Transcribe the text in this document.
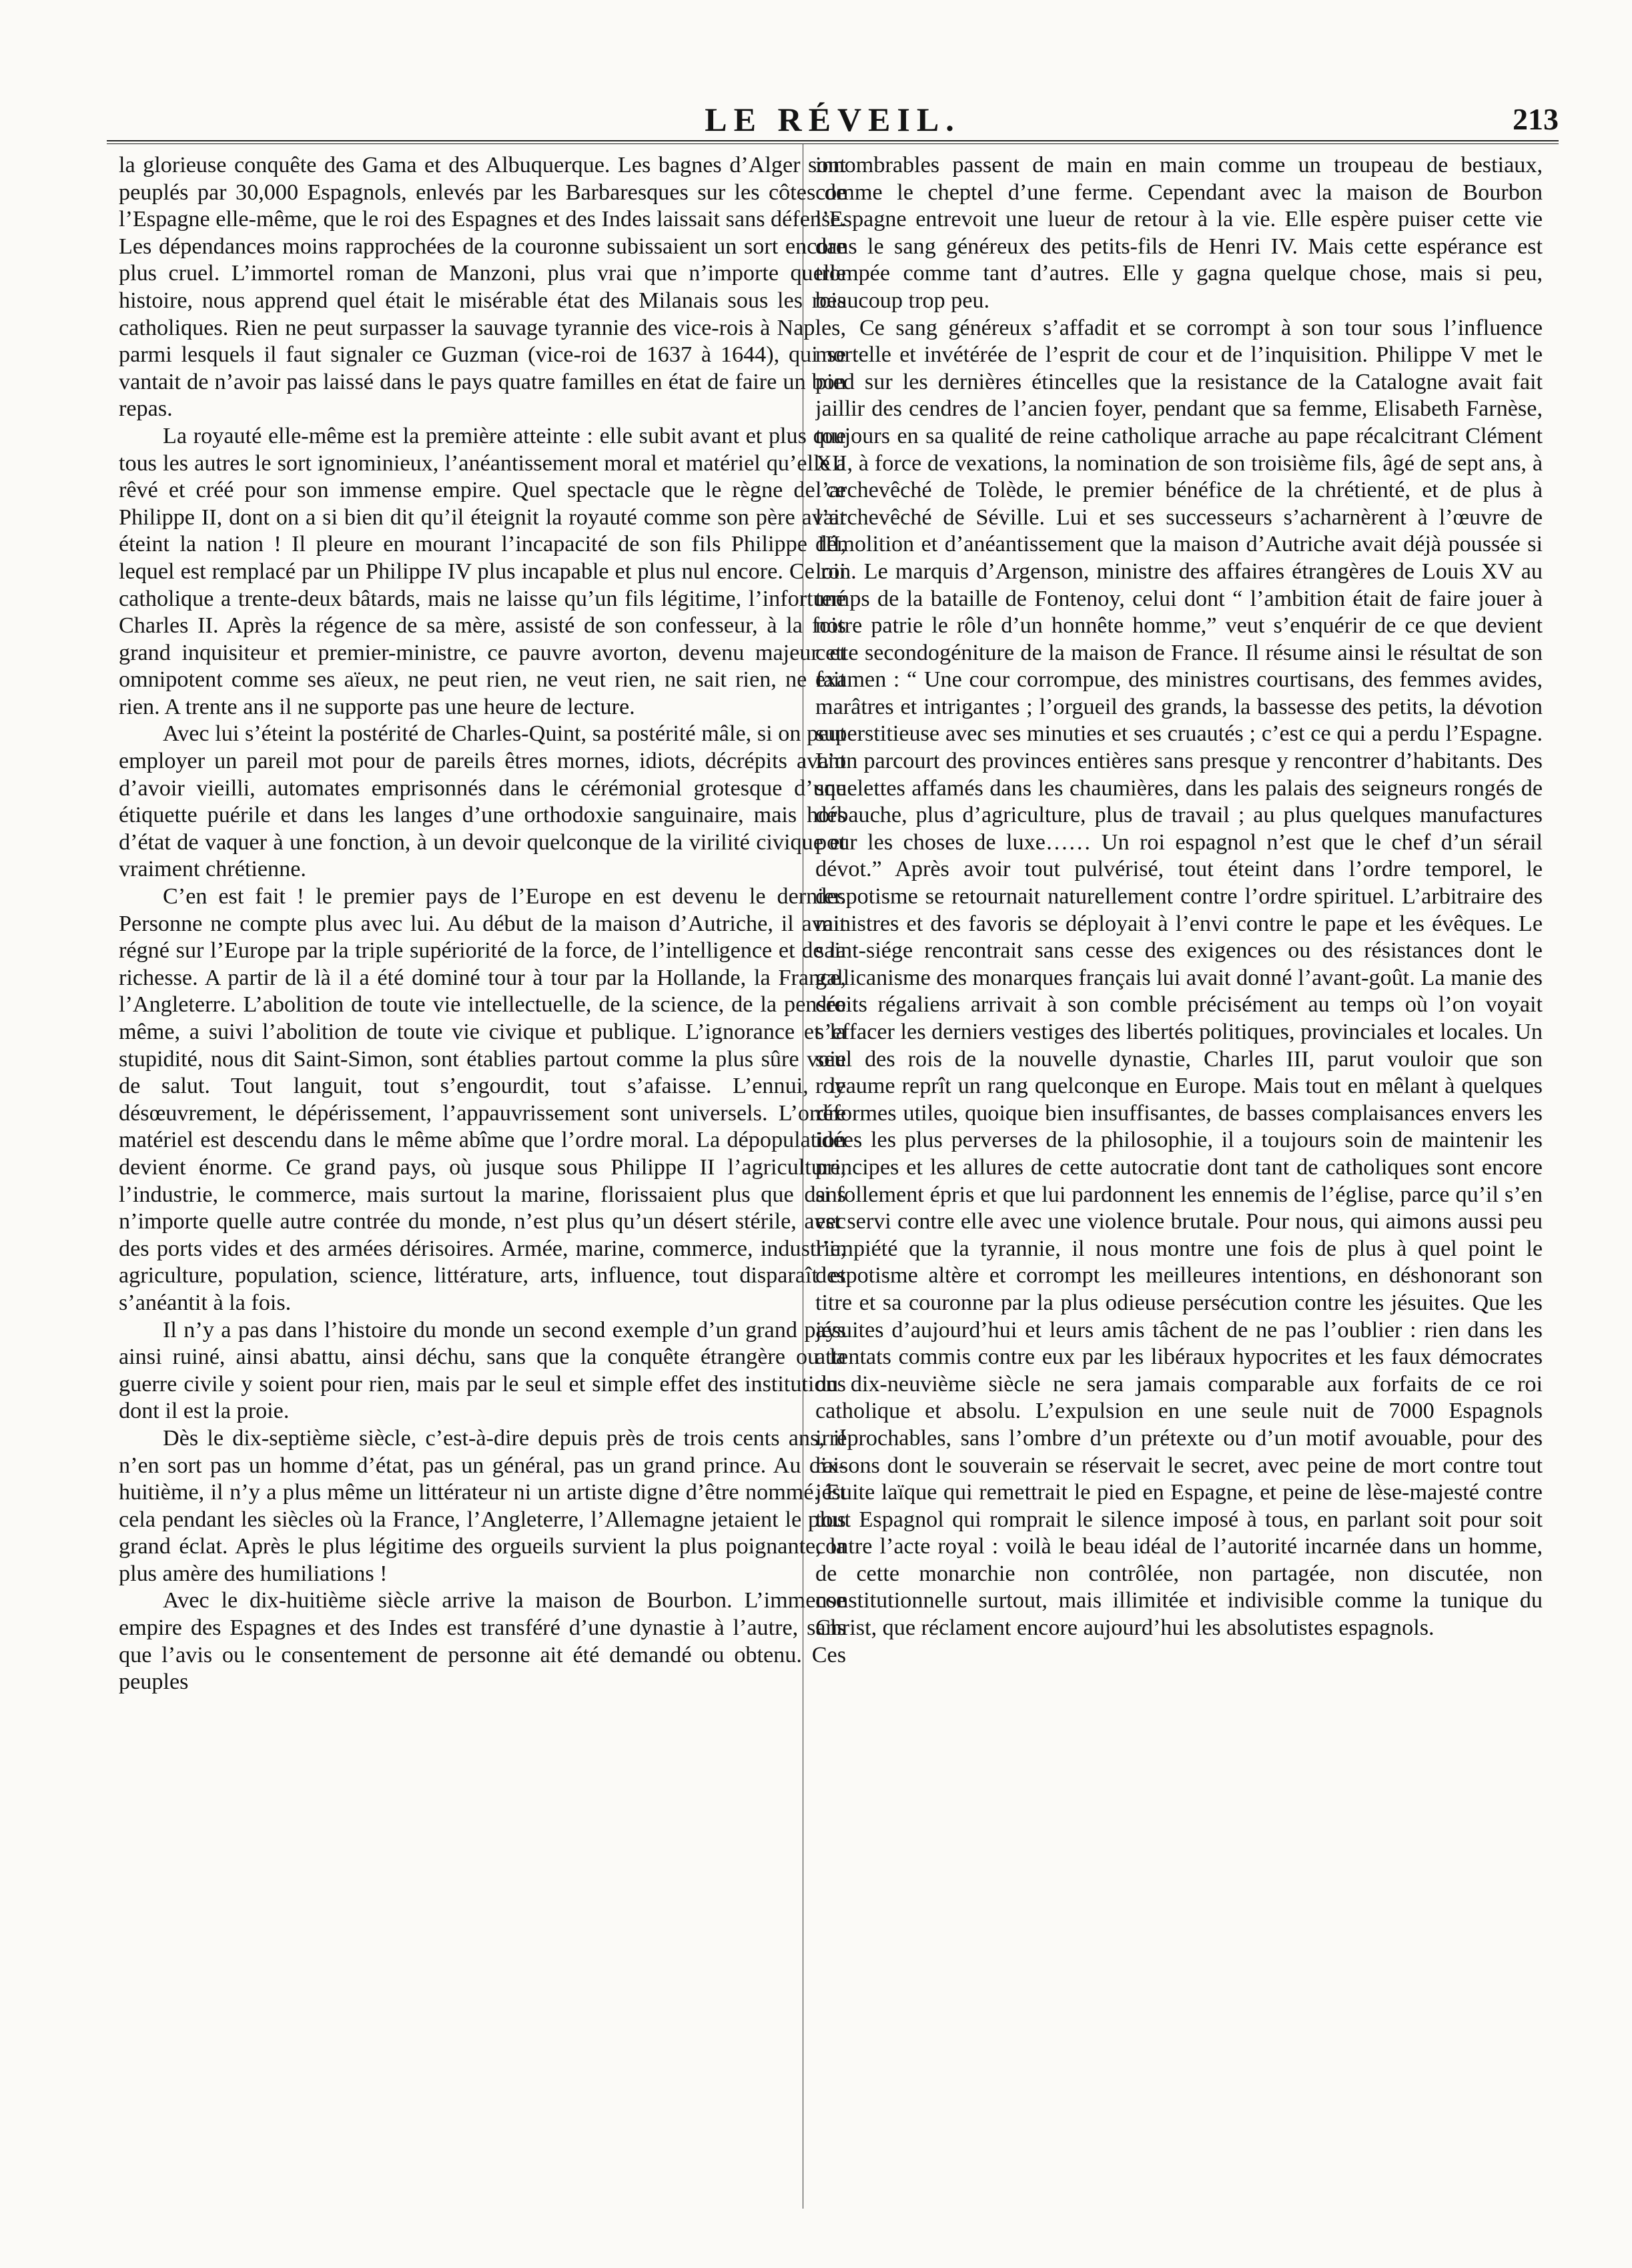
LE RÉVEIL.	213

la glorieuse conquête des Gama et des Albuquerque. Les bagnes d’Alger sont peuplés par 30,000 Espagnols, enlevés par les Barbaresques sur les côtes de l’Espagne elle-même, que le roi des Espagnes et des Indes laissait sans défense. Les dépendances moins rapprochées de la couronne subissaient un sort encore plus cruel. L’immortel roman de Manzoni, plus vrai que n’importe quelle histoire, nous apprend quel était le misérable état des Milanais sous les rois catholiques. Rien ne peut surpasser la sauvage tyrannie des vice-rois à Naples, parmi lesquels il faut signaler ce Guzman (vice-roi de 1637 à 1644), qui se vantait de n’avoir pas laissé dans le pays quatre familles en état de faire un bon repas.

La royauté elle-même est la première atteinte : elle subit avant et plus que tous les autres le sort ignominieux, l’anéantissement moral et matériel qu’elle a rêvé et créé pour son immense empire. Quel spectacle que le règne de ce Philippe II, dont on a si bien dit qu’il éteignit la royauté comme son père avait éteint la nation ! Il pleure en mourant l’incapacité de son fils Philippe III, lequel est remplacé par un Philippe IV plus incapable et plus nul encore. Ce roi catholique a trente-deux bâtards, mais ne laisse qu’un fils légitime, l’infortuné Charles II. Après la régence de sa mère, assisté de son confesseur, à la fois grand inquisiteur et premier-ministre, ce pauvre avorton, devenu majeur et omnipotent comme ses aïeux, ne peut rien, ne veut rien, ne sait rien, ne fait rien. A trente ans il ne supporte pas une heure de lecture.

Avec lui s’éteint la postérité de Charles-Quint, sa postérité mâle, si on peut employer un pareil mot pour de pareils êtres mornes, idiots, décrépits avant d’avoir vieilli, automates emprisonnés dans le cérémonial grotesque d’une étiquette puérile et dans les langes d’une orthodoxie sanguinaire, mais hors d’état de vaquer à une fonction, à un devoir quelconque de la virilité civique et vraiment chrétienne.

C’en est fait ! le premier pays de l’Europe en est devenu le dernier. Personne ne compte plus avec lui. Au début de la maison d’Autriche, il avait régné sur l’Europe par la triple supériorité de la force, de l’intelligence et de la richesse. A partir de là il a été dominé tour à tour par la Hollande, la France, l’Angleterre. L’abolition de toute vie intellectuelle, de la science, de la pensée même, a suivi l’abolition de toute vie civique et publique. L’ignorance et la stupidité, nous dit Saint-Simon, sont établies partout comme la plus sûre voie de salut. Tout languit, tout s’engourdit, tout s’afaisse. L’ennui, le désœuvrement, le dépérissement, l’appauvrissement sont universels. L’ordre matériel est descendu dans le même abîme que l’ordre moral. La dépopulation devient énorme. Ce grand pays, où jusque sous Philippe II l’agriculture, l’industrie, le commerce, mais surtout la marine, florissaient plus que dans n’importe quelle autre contrée du monde, n’est plus qu’un désert stérile, avec des ports vides et des armées dérisoires. Armée, marine, commerce, industrie, agriculture, population, science, littérature, arts, influence, tout disparaît et s’anéantit à la fois.

Il n’y a pas dans l’histoire du monde un second exemple d’un grand pays ainsi ruiné, ainsi abattu, ainsi déchu, sans que la conquête étrangère ou la guerre civile y soient pour rien, mais par le seul et simple effet des institutions dont il est la proie.

Dès le dix-septième siècle, c’est-à-dire depuis près de trois cents ans, il n’en sort pas un homme d’état, pas un général, pas un grand prince. Au dix-huitième, il n’y a plus même un littérateur ni un artiste digne d’être nommé. Et cela pendant les siècles où la France, l’Angleterre, l’Allemagne jetaient le plus grand éclat. Après le plus légitime des orgueils survient la plus poignante, la plus amère des humiliations !

Avec le dix-huitième siècle arrive la maison de Bourbon. L’immense empire des Espagnes et des Indes est transféré d’une dynastie à l’autre, sans que l’avis ou le consentement de personne ait été demandé ou obtenu. Ces peuples

innombrables passent de main en main comme un troupeau de bestiaux, comme le cheptel d’une ferme. Cependant avec la maison de Bourbon l’Espagne entrevoit une lueur de retour à la vie. Elle espère puiser cette vie dans le sang généreux des petits-fils de Henri IV. Mais cette espérance est trompée comme tant d’autres. Elle y gagna quelque chose, mais si peu, beaucoup trop peu.

Ce sang généreux s’affadit et se corrompt à son tour sous l’influence mortelle et invétérée de l’esprit de cour et de l’inquisition. Philippe V met le pied sur les dernières étincelles que la resistance de la Catalogne avait fait jaillir des cendres de l’ancien foyer, pendant que sa femme, Elisabeth Farnèse, toujours en sa qualité de reine catholique arrache au pape récalcitrant Clément XII, à force de vexations, la nomination de son troisième fils, âgé de sept ans, à l’archevêché de Tolède, le premier bénéfice de la chrétienté, et de plus à l’archevêché de Séville. Lui et ses successeurs s’acharnèrent à l’œuvre de démolition et d’anéantissement que la maison d’Autriche avait déjà poussée si loin. Le marquis d’Argenson, ministre des affaires étrangères de Louis XV au temps de la bataille de Fontenoy, celui dont “ l’ambition était de faire jouer à notre patrie le rôle d’un honnête homme,” veut s’enquérir de ce que devient cette secondogéniture de la maison de France. Il résume ainsi le résultat de son examen : “ Une cour corrompue, des ministres courtisans, des femmes avides, marâtres et intrigantes ; l’orgueil des grands, la bassesse des petits, la dévotion superstitieuse avec ses minuties et ses cruautés ; c’est ce qui a perdu l’Espagne. L’on parcourt des provinces entières sans presque y rencontrer d’habitants. Des squelettes affamés dans les chaumières, dans les palais des seigneurs rongés de débauche, plus d’agriculture, plus de travail ; au plus quelques manufactures pour les choses de luxe…… Un roi espagnol n’est que le chef d’un sérail dévot.” Après avoir tout pulvérisé, tout éteint dans l’ordre temporel, le despotisme se retournait naturellement contre l’ordre spirituel. L’arbitraire des ministres et des favoris se déployait à l’envi contre le pape et les évêques. Le saint-siége rencontrait sans cesse des exigences ou des résistances dont le gallicanisme des monarques français lui avait donné l’avant-goût. La manie des droits régaliens arrivait à son comble précisément au temps où l’on voyait s’effacer les derniers vestiges des libertés politiques, provinciales et locales. Un seul des rois de la nouvelle dynastie, Charles III, parut vouloir que son royaume reprît un rang quelconque en Europe. Mais tout en mêlant à quelques réformes utiles, quoique bien insuffisantes, de basses complaisances envers les idées les plus perverses de la philosophie, il a toujours soin de maintenir les principes et les allures de cette autocratie dont tant de catholiques sont encore si follement épris et que lui pardonnent les ennemis de l’église, parce qu’il s’en est servi contre elle avec une violence brutale. Pour nous, qui aimons aussi peu l’impiété que la tyrannie, il nous montre une fois de plus à quel point le despotisme altère et corrompt les meilleures intentions, en déshonorant son titre et sa couronne par la plus odieuse persécution contre les jésuites. Que les jésuites d’aujourd’hui et leurs amis tâchent de ne pas l’oublier : rien dans les attentats commis contre eux par les libéraux hypocrites et les faux démocrates du dix-neuvième siècle ne sera jamais comparable aux forfaits de ce roi catholique et absolu. L’expulsion en une seule nuit de 7000 Espagnols irréprochables, sans l’ombre d’un prétexte ou d’un motif avouable, pour des raisons dont le souverain se réservait le secret, avec peine de mort contre tout jésuite laïque qui remettrait le pied en Espagne, et peine de lèse-majesté contre tout Espagnol qui romprait le silence imposé à tous, en parlant soit pour soit contre l’acte royal : voilà le beau idéal de l’autorité incarnée dans un homme, de cette monarchie non contrôlée, non partagée, non discutée, non constitutionnelle surtout, mais illimitée et indivisible comme la tunique du Christ, que réclament encore aujourd’hui les absolutistes espagnols.
